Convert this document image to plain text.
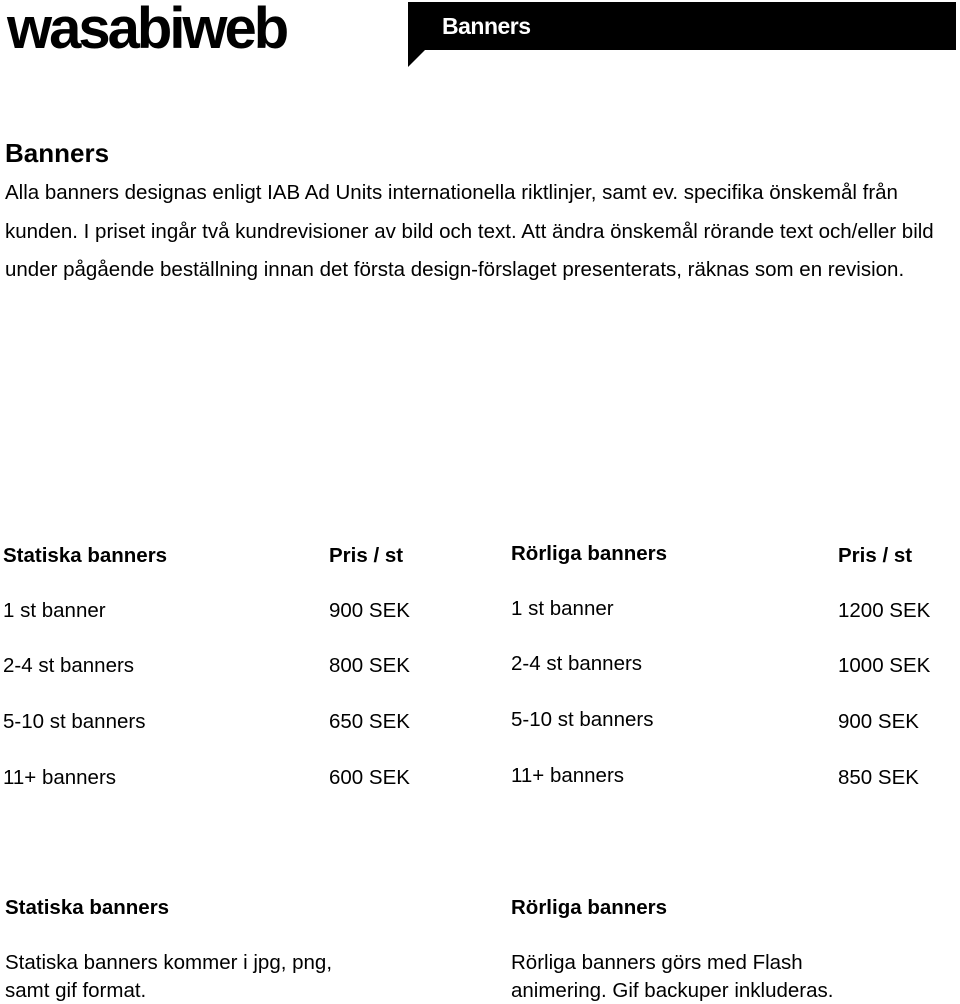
wasabiweb	Banners
Banners

Alla banners designas enligt IAB Ad Units internationella riktlinjer, samt ev. specifika önskemål från kunden. I priset ingår två kundrevisioner av bild och text. Att ändra önskemål rörande text och/eller bild under pågående beställning innan det första design-förslaget presenterats, räknas som en revision.

Statiska banners	Pris / st	Rörliga banners	Pris / st
1 st banner	900 SEK	1 st banner	1200 SEK
2-4 st banners	800 SEK	2-4 st banners	1000 SEK
5-10 st banners	650 SEK	5-10 st banners	900 SEK
11+ banners	600 SEK	11+ banners	850 SEK
Statiska banners
Statiska banners kommer i jpg, png,
samt gif format.
Rörliga banners
Rörliga banners görs med Flash
animering. Gif backuper inkluderas.
